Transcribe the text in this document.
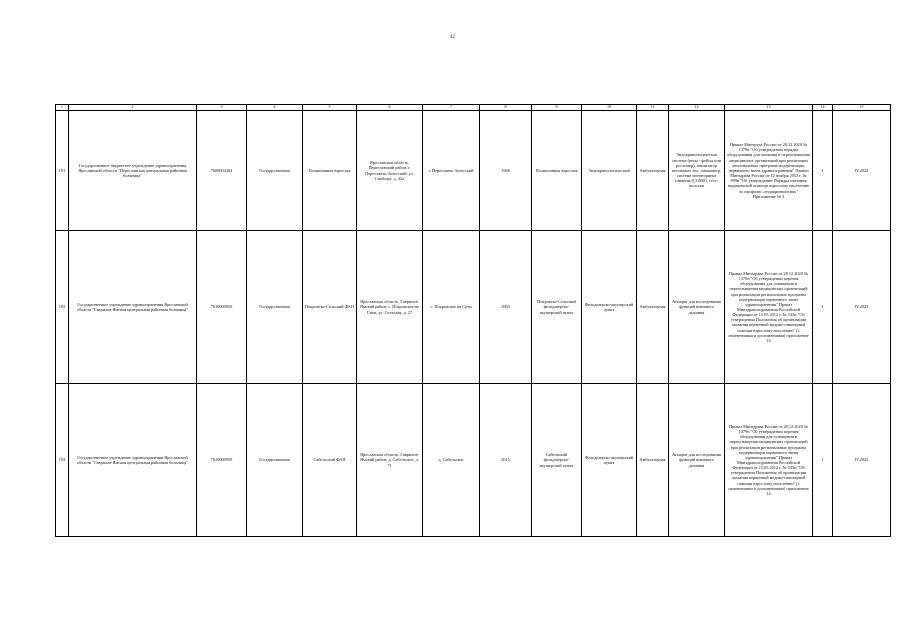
42
1	2	3	4	5	6	7	8	9	10	11	12	13	14	15
191	Государственное бюджетное учреждение здравоохранения Ярославской области "Переславская центральная районная больница"	7608004384	Государственная	Поликлиника взрослая	Ярославская область, Переславский район, г. Переславль-Залесский, ул. Свободы, д. 42а	г. Переславль-Залесский	1968	Поликлиника взрослая	Эндокринологический	Амбулаторная	Эндокринологическая система (весы - фейсы или ростомер), анализатор кетоновых тел, глюкометр, система мониторинга глюкозы (CGMS), тест-полоски	Приказ Минтруда России от 28.12.2020 № 1379н "Об утверждении порядка оборудования для оказания и переоснащения медицинских организаций при реализации региональных программ модернизации первичного звена здравоохранения" Приказ Минздрава России от 12 ноября 2012 г. № 899н "Об утверждении Порядка оказания медицинской помощи взрослому населению по профилю «эндокринология»" Приложение № 3	1	IV.2024
192	Государственное учреждение здравоохранения Ярославской области "Гаврилов-Ямская центральная районная больница"	7616000950	Государственная	Покровско-Сельский ФАП	Ярославская область, Гаврилов-Ямский район, с. Покровское на Сити, ул. Сельская, д. 27	с. Покровское на Сити	2003	Покровско-Сельский фельдшерско-акушерский пункт	Фельдшерско-акушерский пункт	Амбулаторная	Аппарат для исследования функций внешнего дыхания	Приказ Минздрава России от 28.12.2020 № 1379н "Об утверждении перечня оборудования для оснащения и переоснащения медицинских организаций при реализации региональных программ модернизации первичного звена здравоохранения" Приказ Минздравсоцразвития Российской Федерации от 15.05.2012 г. № 543н "Об утверждении Положения об организации оказания первичной медико-санитарной помощи взрослому населению" (с изменениями и дополнениями) приложение 14	1	IV.2023
193	Государственное учреждение здравоохранения Ярославской области "Гаврилов-Ямская центральная районная больница"	7616000950	Государственная	Сабельский ФАП	Ярославская область, Гаврилов-Ямский район, д. Сабельское, д. 71	д. Сабельское	2015	Сабельский фельдшерско-акушерский пункт	Фельдшерско-акушерский пункт	Амбулаторная	Аппарат для исследования функций внешнего дыхания	Приказ Минздрава России от 28.12.2020 № 1379н "Об утверждении перечня оборудования для оснащения и переоснащения медицинских организаций при реализации региональных программ модернизации первичного звена здравоохранения" Приказ Минздравсоцразвития Российской Федерации от 15.05.2012 г. № 543н "Об утверждении Положения об организации оказания первичной медико-санитарной помощи взрослому населению" (с изменениями и дополнениями) приложение 14	1	IV.2023
